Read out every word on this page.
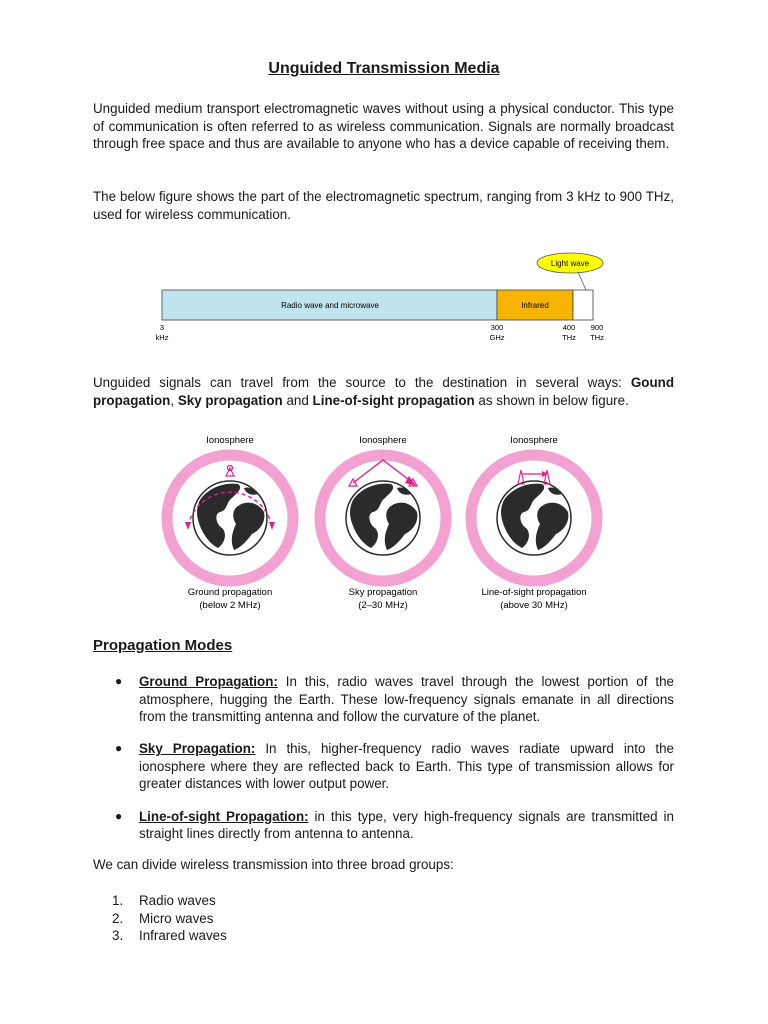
Unguided Transmission Media
Unguided medium transport electromagnetic waves without using a physical conductor. This type of communication is often referred to as wireless communication. Signals are normally broadcast through free space and thus are available to anyone who has a device capable of receiving them.
The below figure shows the part of the electromagnetic spectrum, ranging from 3 kHz to 900 THz, used for wireless communication.
Light wave
Radio wave and microwave	Infrared
3
kHz
300
GHz
400
THz
900
THz
Unguided signals can travel from the source to the destination in several ways: Gound propagation, Sky propagation and Line-of-sight propagation as shown in below figure.
Ionosphere
Ground propagation
(below 2 MHz)
Ionosphere
Sky propagation
(2–30 MHz)
Ionosphere
Line-of-sight propagation
(above 30 MHz)
Propagation Modes
● Ground Propagation: In this, radio waves travel through the lowest portion of the atmosphere, hugging the Earth. These low-frequency signals emanate in all directions from the transmitting antenna and follow the curvature of the planet.
● Sky Propagation: In this, higher-frequency radio waves radiate upward into the ionosphere where they are reflected back to Earth. This type of transmission allows for greater distances with lower output power.
● Line-of-sight Propagation: in this type, very high-frequency signals are transmitted in straight lines directly from antenna to antenna.
We can divide wireless transmission into three broad groups:
1. Radio waves
2. Micro waves
3. Infrared waves
